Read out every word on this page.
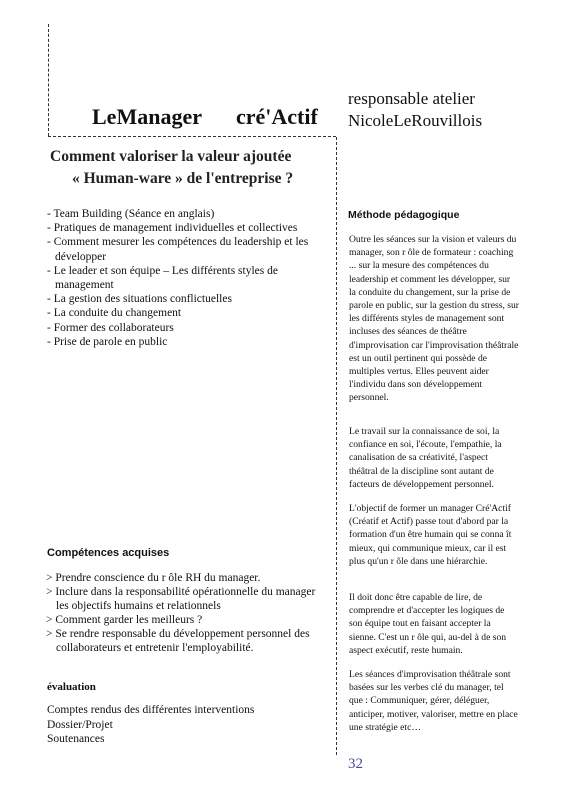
LeManager cré'Actif
responsable atelier
NicoleLeRouvillois
Comment valoriser la valeur ajoutée
« Human-ware » de l'entreprise ?
- Team Building (Séance en anglais)
- Pratiques de management individuelles et collectives
- Comment mesurer les compétences du leadership et les développer
- Le leader et son équipe – Les différents styles de management
- La gestion des situations conflictuelles
- La conduite du changement
- Former des collaborateurs
- Prise de parole en public
Compétences acquises
> Prendre conscience du r ôle RH du manager.
> Inclure dans la responsabilité opérationnelle du manager les objectifs humains et relationnels
> Comment garder les meilleurs ?
> Se rendre responsable du développement personnel des collaborateurs et entretenir l'employabilité.
évaluation
Comptes rendus des différentes interventions
Dossier/Projet
Soutenances
Méthode pédagogique

Outre les séances sur la vision et valeurs du manager, son r ôle de formateur : coaching ... sur la mesure des compétences du leadership et comment les développer, sur la conduite du changement, sur la prise de parole en public, sur la gestion du stress, sur les différents styles de management sont incluses des séances de théâtre d'improvisation car l'improvisation théâtrale est un outil pertinent qui possède de multiples vertus. Elles peuvent aider l'individu dans son développement personnel.

Le travail sur la connaissance de soi, la confiance en soi, l'écoute, l'empathie, la canalisation de sa créativité, l'aspect théâtral de la discipline sont autant de facteurs de développement personnel.

L'objectif de former un manager Cré'Actif (Créatif et Actif) passe tout d'abord par la formation d'un être humain qui se conna ît mieux, qui communique mieux, car il est plus qu'un r ôle dans une hiérarchie.

Il doit donc être capable de lire, de comprendre et d'accepter les logiques de son équipe tout en faisant accepter la sienne. C'est un r ôle qui, au-del à de son aspect exécutif, reste humain.

Les séances d'improvisation théâtrale sont basées sur les verbes clé du manager, tel que : Communiquer, gérer, déléguer, anticiper, motiver, valoriser, mettre en place une stratégie etc…

32
